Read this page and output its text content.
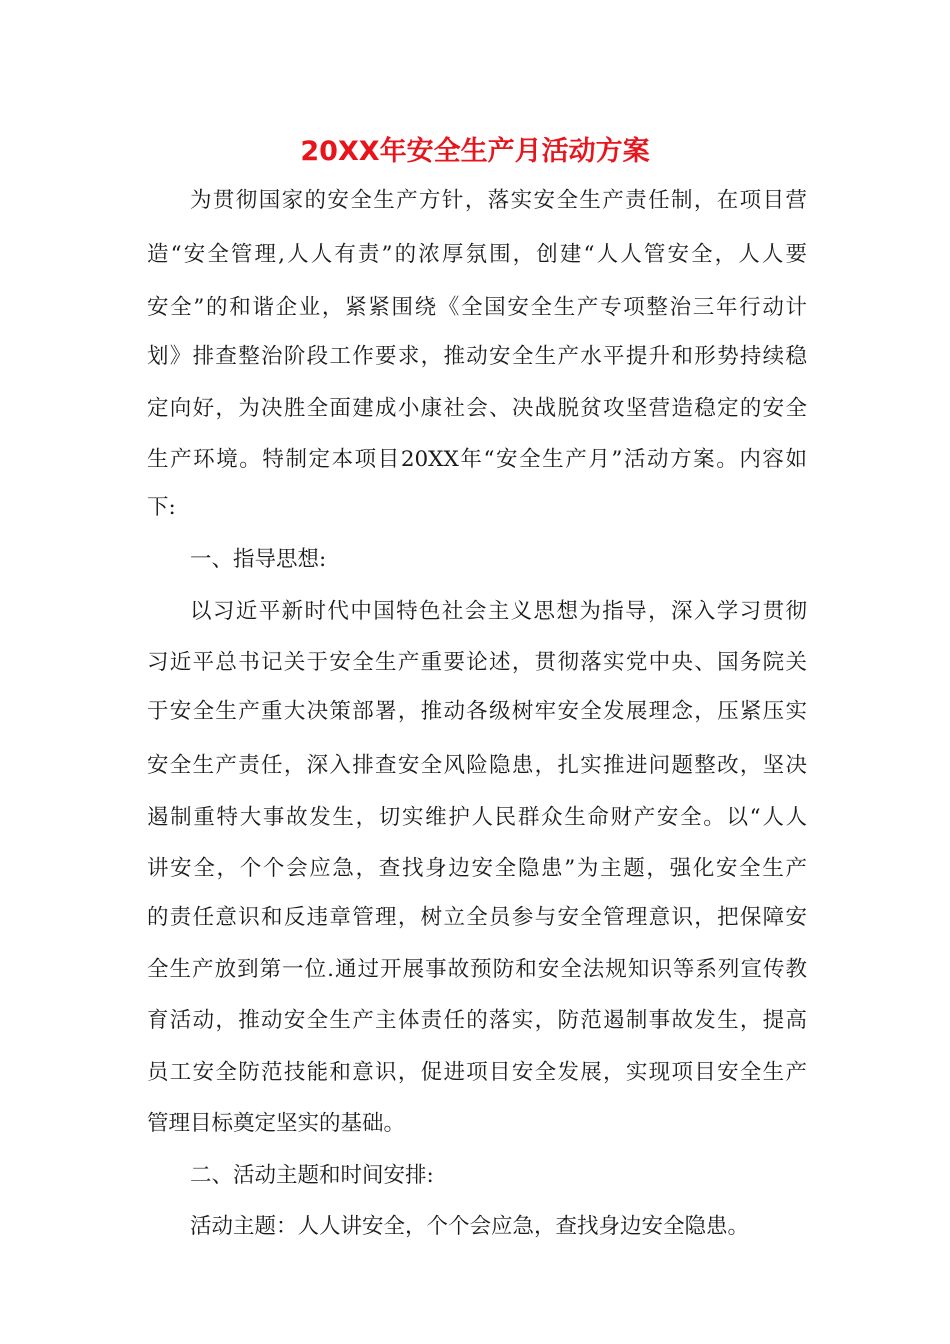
20XX年安全生产月活动方案

为贯彻国家的安全生产方针，落实安全生产责任制，在项目营

造“安全管理,人人有责”的浓厚氛围，创建“人人管安全，人人要

安全”的和谐企业，紧紧围绕《全国安全生产专项整治三年行动计

划》排查整治阶段工作要求，推动安全生产水平提升和形势持续稳

定向好，为决胜全面建成小康社会、决战脱贫攻坚营造稳定的安全

生产环境。特制定本项目20XX年“安全生产月”活动方案。内容如

下:

一、指导思想:

以习近平新时代中国特色社会主义思想为指导，深入学习贯彻

习近平总书记关于安全生产重要论述，贯彻落实党中央、国务院关

于安全生产重大决策部署，推动各级树牢安全发展理念，压紧压实

安全生产责任，深入排查安全风险隐患，扎实推进问题整改，坚决

遏制重特大事故发生，切实维护人民群众生命财产安全。以“人人

讲安全，个个会应急，查找身边安全隐患”为主题，强化安全生产

的责任意识和反违章管理，树立全员参与安全管理意识，把保障安

全生产放到第一位.通过开展事故预防和安全法规知识等系列宣传教

育活动，推动安全生产主体责任的落实，防范遏制事故发生，提高

员工安全防范技能和意识，促进项目安全发展，实现项目安全生产

管理目标奠定坚实的基础。

二、活动主题和时间安排:

活动主题：人人讲安全，个个会应急，查找身边安全隐患。
